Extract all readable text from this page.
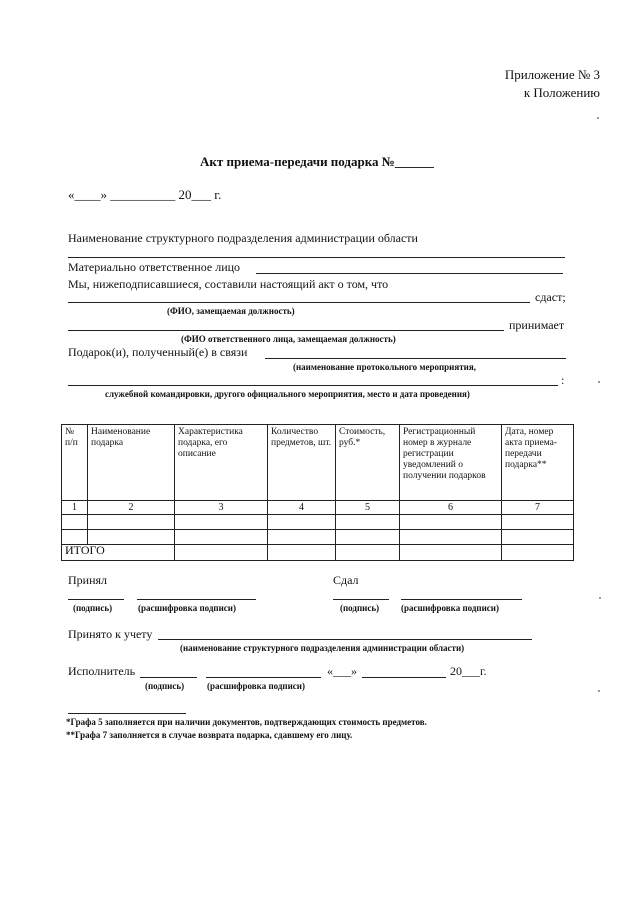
Приложение № 3
к Положению
Акт приема-передачи подарка №______
«____» __________ 20___ г.
Наименование структурного подразделения администрации области
Материально ответственное лицо
Мы, нижеподписавшиеся, составили настоящий акт о том, что
сдаст;
(ФИО, замещаемая должность)
принимает
(ФИО ответственного лица, замещаемая должность)
Подарок(и), полученный(е) в связи
(наименование протокольного мероприятия,
:
служебной командировки, другого официального мероприятия, место и дата проведения)
№ п/п	Наименование подарка	Характеристика подарка, его описание	Количество предметов, шт.	Стоимость, руб.*	Регистрационный номер в журнале регистрации уведомлений о получении подарков	Дата, номер акта приема-передачи подарка**
1	2	3	4	5	6	7

ИТОГО						
Принял
(подпись)	(расшифровка подписи)
Сдал
(подпись) (расшифровка подписи)
Принято к учету
(наименование структурного подразделения администрации области)
Исполнитель	«___»	20___г.
(подпись)	(расшифровка подписи)
*Графа 5 заполняется при наличии документов, подтверждающих стоимость предметов.
**Графа 7 заполняется в случае возврата подарка, сдавшему его лицу.
